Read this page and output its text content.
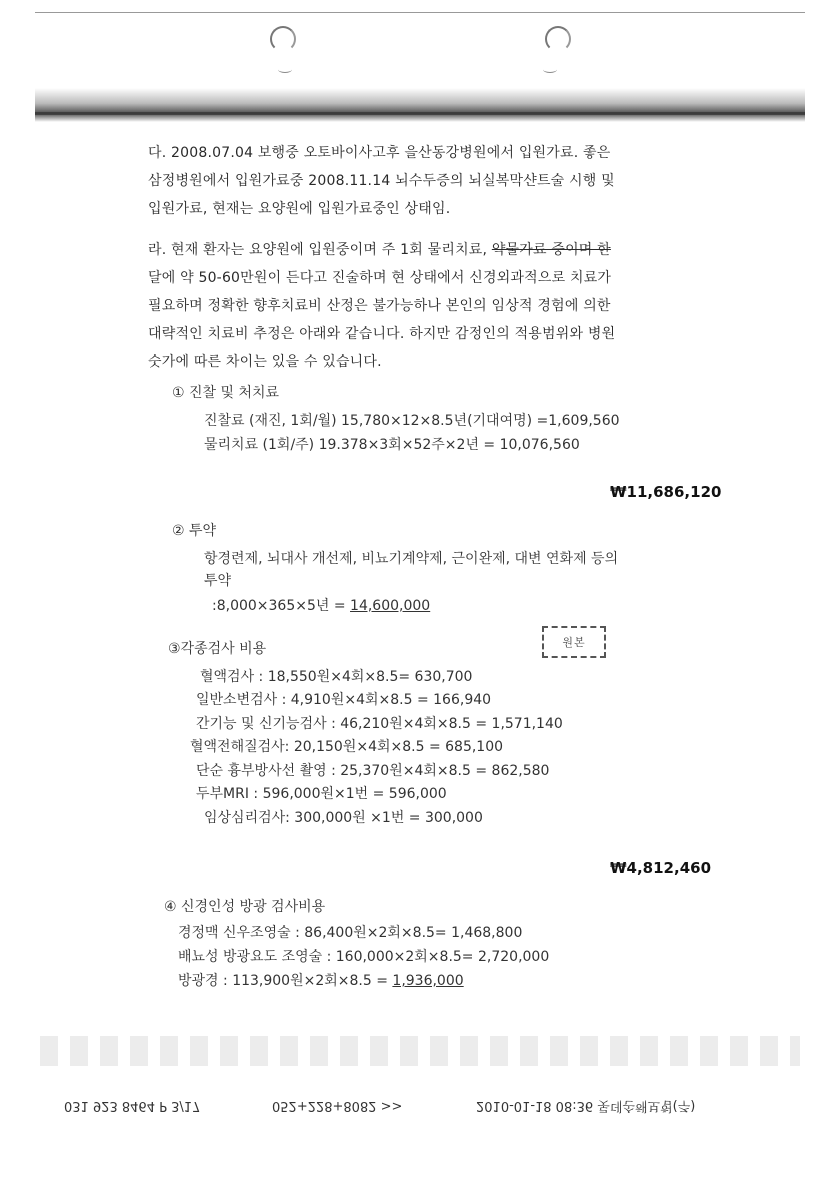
다. 2008.07.04 보행중 오토바이사고후 을산동강병원에서 입원가료. 좋은
삼정병원에서 입원가료중 2008.11.14 뇌수두증의 뇌실복막샨트술 시행 및
입원가료, 현재는 요양원에 입원가료중인 상태임.
라. 현재 환자는 요양원에 입원중이며 주 1회 물리치료, 약물가료 중이며 한
달에 약 50-60만원이 든다고 진술하며 현 상태에서 신경외과적으로 치료가
필요하며 정확한 향후치료비 산정은 불가능하나 본인의 임상적 경험에 의한
대략적인 치료비 추정은 아래와 같습니다. 하지만 감정인의 적용범위와 병원
숫가에 따른 차이는 있을 수 있습니다.
① 진찰 및 처치료
진찰료 (재진, 1회/월) 15,780×12×8.5년(기대여명) =1,609,560
물리치료 (1회/주) 19.378×3회×52주×2년 = 10,076,560
₩11,686,120
② 투약
항경련제, 뇌대사 개선제, 비뇨기계약제, 근이완제, 대변 연화제 등의
투약
:8,000×365×5년 = 14,600,000
원본
③각종검사 비용
혈액검사 : 18,550원×4회×8.5= 630,700
일반소변검사 : 4,910원×4회×8.5 = 166,940
간기능 및 신기능검사 : 46,210원×4회×8.5 = 1,571,140
혈액전해질검사: 20,150원×4회×8.5 = 685,100
단순 흉부방사선 촬영 : 25,370원×4회×8.5 = 862,580
두부MRI : 596,000원×1번 = 596,000
임상심리검사: 300,000원 ×1번 = 300,000
₩4,812,460
④ 신경인성 방광 검사비용
경정맥 신우조영술 : 86,400원×2회×8.5= 1,468,800
배뇨성 방광요도 조영술 : 160,000×2회×8.5= 2,720,000
방광경 : 113,900원×2회×8.5 = 1,936,000
031 923 8464 P 3/17	052+228+8082 >>	2010-01-18 08:36 롯데손해보험(주)
